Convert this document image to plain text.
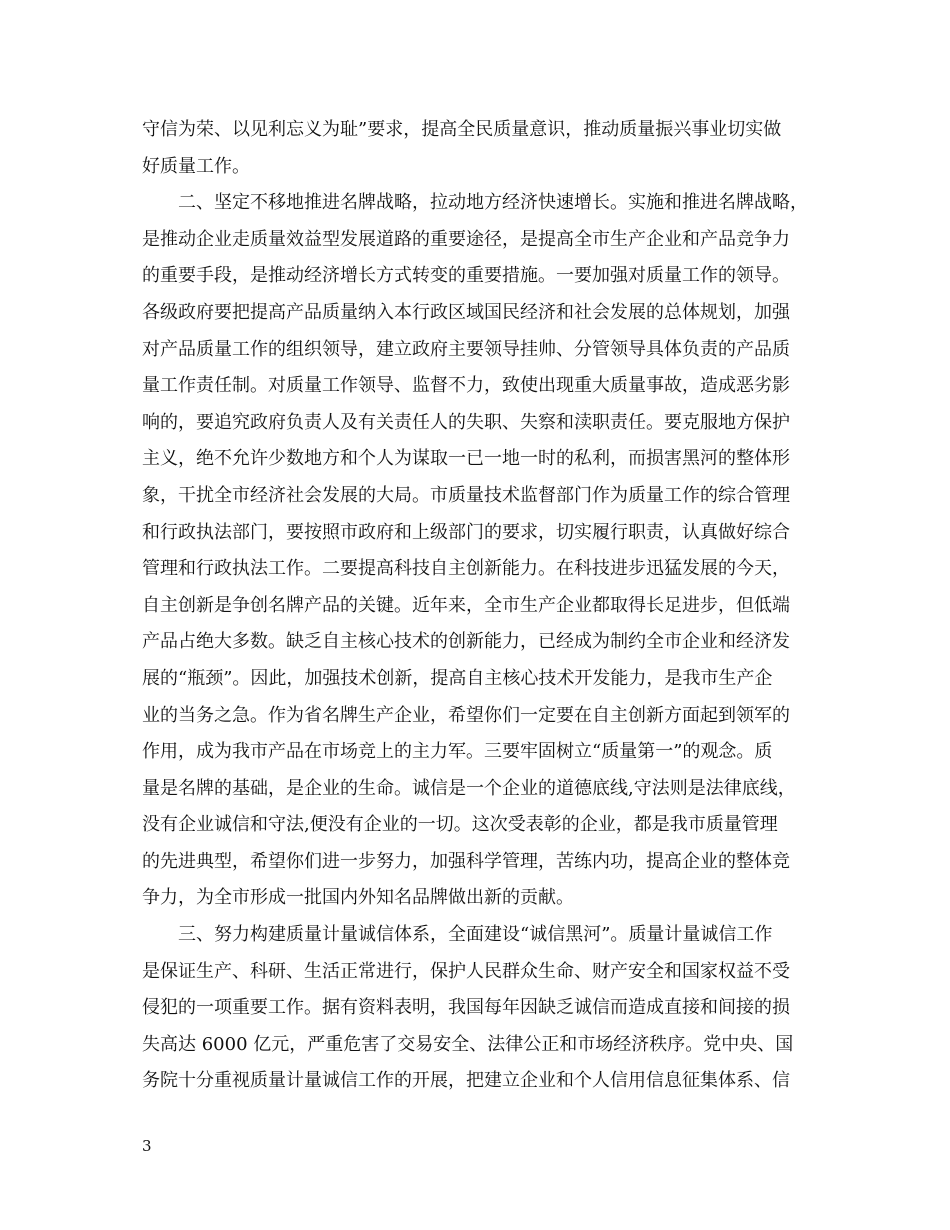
守信为荣、以见利忘义为耻”要求，提高全民质量意识，推动质量振兴事业切实做
好质量工作。
二、坚定不移地推进名牌战略，拉动地方经济快速增长。实施和推进名牌战略，
是推动企业走质量效益型发展道路的重要途径，是提高全市生产企业和产品竞争力
的重要手段，是推动经济增长方式转变的重要措施。一要加强对质量工作的领导。
各级政府要把提高产品质量纳入本行政区域国民经济和社会发展的总体规划，加强
对产品质量工作的组织领导，建立政府主要领导挂帅、分管领导具体负责的产品质
量工作责任制。对质量工作领导、监督不力，致使出现重大质量事故，造成恶劣影
响的，要追究政府负责人及有关责任人的失职、失察和渎职责任。要克服地方保护
主义，绝不允许少数地方和个人为谋取一已一地一时的私利，而损害黑河的整体形
象，干扰全市经济社会发展的大局。市质量技术监督部门作为质量工作的综合管理
和行政执法部门，要按照市政府和上级部门的要求，切实履行职责，认真做好综合
管理和行政执法工作。二要提高科技自主创新能力。在科技进步迅猛发展的今天，
自主创新是争创名牌产品的关键。近年来，全市生产企业都取得长足进步，但低端
产品占绝大多数。缺乏自主核心技术的创新能力，已经成为制约全市企业和经济发
展的“瓶颈”。因此，加强技术创新，提高自主核心技术开发能力，是我市生产企
业的当务之急。作为省名牌生产企业，希望你们一定要在自主创新方面起到领军的
作用，成为我市产品在市场竞上的主力军。三要牢固树立“质量第一”的观念。质
量是名牌的基础，是企业的生命。诚信是一个企业的道德底线,守法则是法律底线，
没有企业诚信和守法,便没有企业的一切。这次受表彰的企业，都是我市质量管理
的先进典型，希望你们进一步努力，加强科学管理，苦练内功，提高企业的整体竞
争力，为全市形成一批国内外知名品牌做出新的贡献。
三、努力构建质量计量诚信体系，全面建设“诚信黑河”。质量计量诚信工作
是保证生产、科研、生活正常进行，保护人民群众生命、财产安全和国家权益不受
侵犯的一项重要工作。据有资料表明，我国每年因缺乏诚信而造成直接和间接的损
失高达 6000 亿元，严重危害了交易安全、法律公正和市场经济秩序。党中央、国
务院十分重视质量计量诚信工作的开展，把建立企业和个人信用信息征集体系、信
3
